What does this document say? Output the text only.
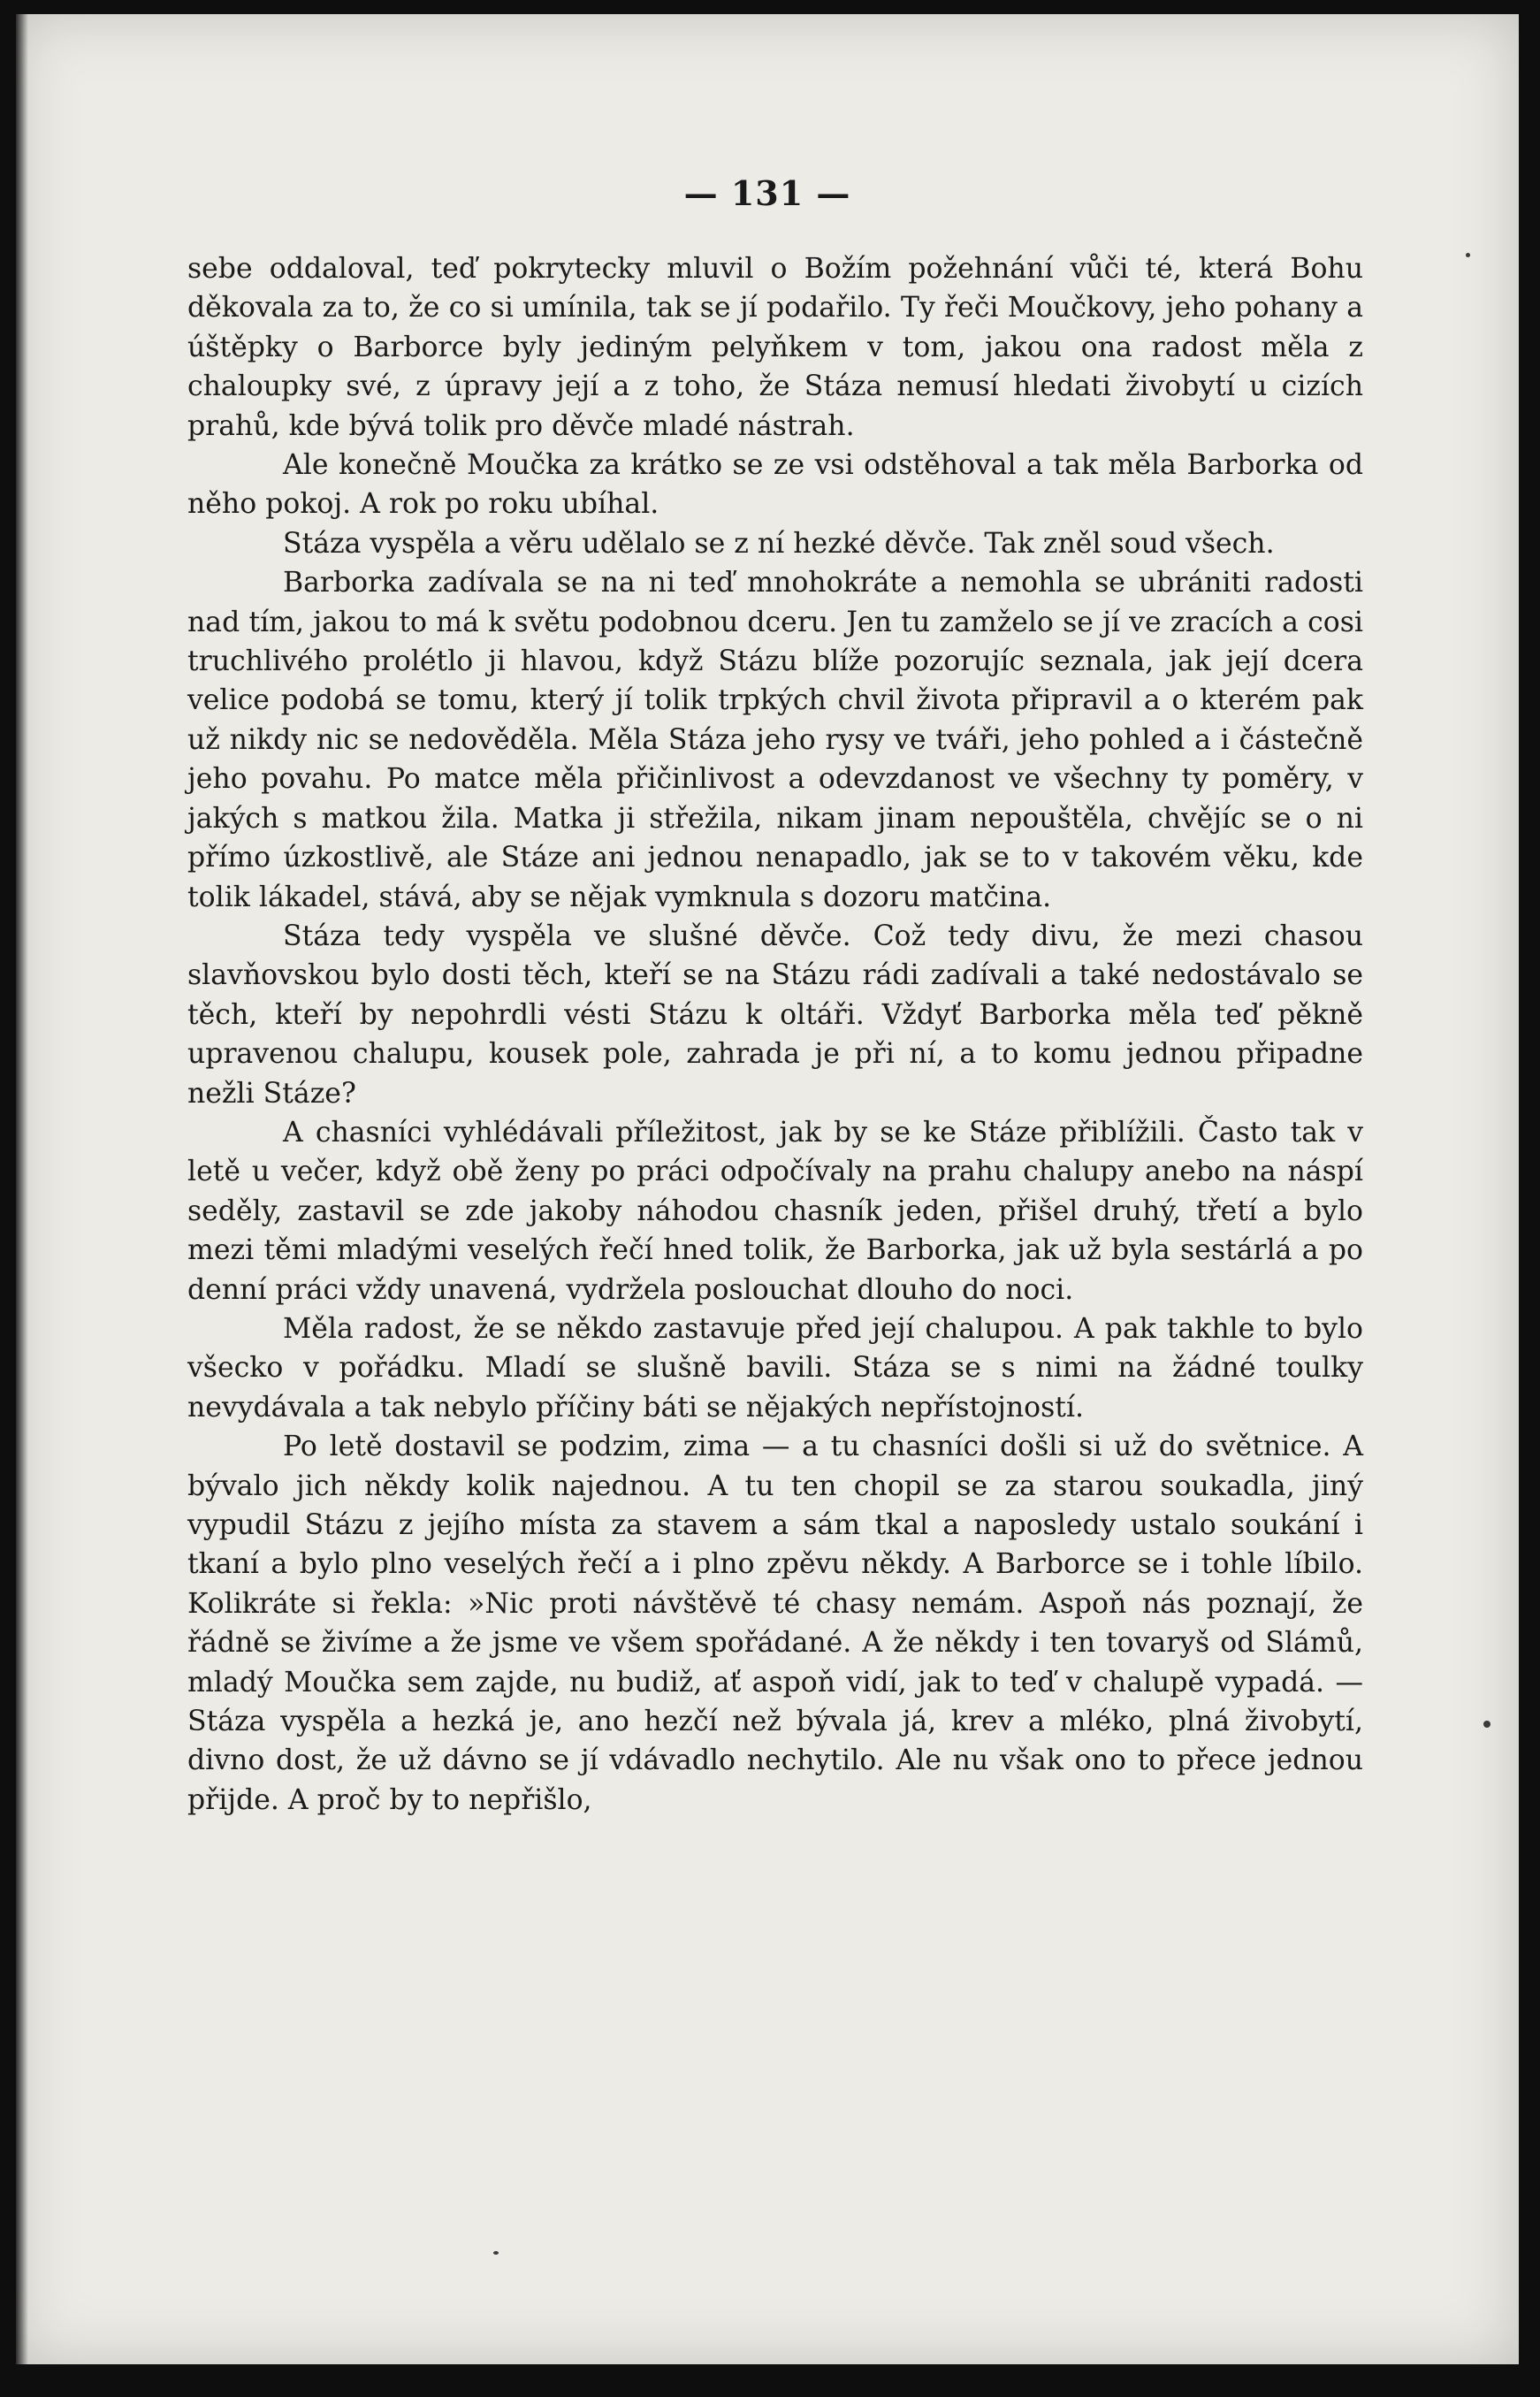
— 131 —

sebe oddaloval, teď pokrytecky mluvil o Božím požehnání vůči té, která Bohu děkovala za to, že co si umínila, tak se jí podařilo. Ty řeči Moučkovy, jeho pohany a úštěpky o Barborce byly jediným pelyňkem v tom, jakou ona radost měla z chaloupky své, z úpravy její a z toho, že Stáza nemusí hledati živobytí u cizích prahů, kde bývá tolik pro děvče mladé nástrah.

Ale konečně Moučka za krátko se ze vsi odstěhoval a tak měla Barborka od něho pokoj. A rok po roku ubíhal.

Stáza vyspěla a věru udělalo se z ní hezké děvče. Tak zněl soud všech.

Barborka zadívala se na ni teď mnohokráte a nemohla se ubrániti radosti nad tím, jakou to má k světu podobnou dceru. Jen tu zamželo se jí ve zracích a cosi truchlivého prolétlo ji hlavou, když Stázu blíže pozorujíc seznala, jak její dcera velice podobá se tomu, který jí tolik trpkých chvil života připravil a o kterém pak už nikdy nic se nedověděla. Měla Stáza jeho rysy ve tváři, jeho pohled a i částečně jeho povahu. Po matce měla přičinlivost a odevzdanost ve všechny ty poměry, v jakých s matkou žila. Matka ji střežila, nikam jinam nepouštěla, chvějíc se o ni přímo úzkostlivě, ale Stáze ani jednou nenapadlo, jak se to v takovém věku, kde tolik lákadel, stává, aby se nějak vymknula s dozoru matčina.

Stáza tedy vyspěla ve slušné děvče. Což tedy divu, že mezi chasou slavňovskou bylo dosti těch, kteří se na Stázu rádi zadívali a také nedostávalo se těch, kteří by nepohrdli vésti Stázu k oltáři. Vždyť Barborka měla teď pěkně upravenou chalupu, kousek pole, zahrada je při ní, a to komu jednou připadne nežli Stáze?

A chasníci vyhlédávali příležitost, jak by se ke Stáze přiblížili. Často tak v letě u večer, když obě ženy po práci odpočívaly na prahu chalupy anebo na náspí seděly, zastavil se zde jakoby náhodou chasník jeden, přišel druhý, třetí a bylo mezi těmi mladými veselých řečí hned tolik, že Barborka, jak už byla sestárlá a po denní práci vždy unavená, vydržela poslouchat dlouho do noci.

Měla radost, že se někdo zastavuje před její chalupou. A pak takhle to bylo všecko v pořádku. Mladí se slušně bavili. Stáza se s nimi na žádné toulky nevydávala a tak nebylo příčiny báti se nějakých nepřístojností.

Po letě dostavil se podzim, zima — a tu chasníci došli si už do světnice. A bývalo jich někdy kolik najednou. A tu ten chopil se za starou soukadla, jiný vypudil Stázu z jejího místa za stavem a sám tkal a naposledy ustalo soukání i tkaní a bylo plno veselých řečí a i plno zpěvu někdy. A Barborce se i tohle líbilo. Kolikráte si řekla: »Nic proti návštěvě té chasy nemám. Aspoň nás poznají, že řádně se živíme a že jsme ve všem spořádané. A že někdy i ten tovaryš od Slámů, mladý Moučka sem zajde, nu budiž, ať aspoň vidí, jak to teď v chalupě vypadá. — Stáza vyspěla a hezká je, ano hezčí než bývala já, krev a mléko, plná živobytí, divno dost, že už dávno se jí vdávadlo nechytilo. Ale nu však ono to přece jednou přijde. A proč by to nepřišlo,
